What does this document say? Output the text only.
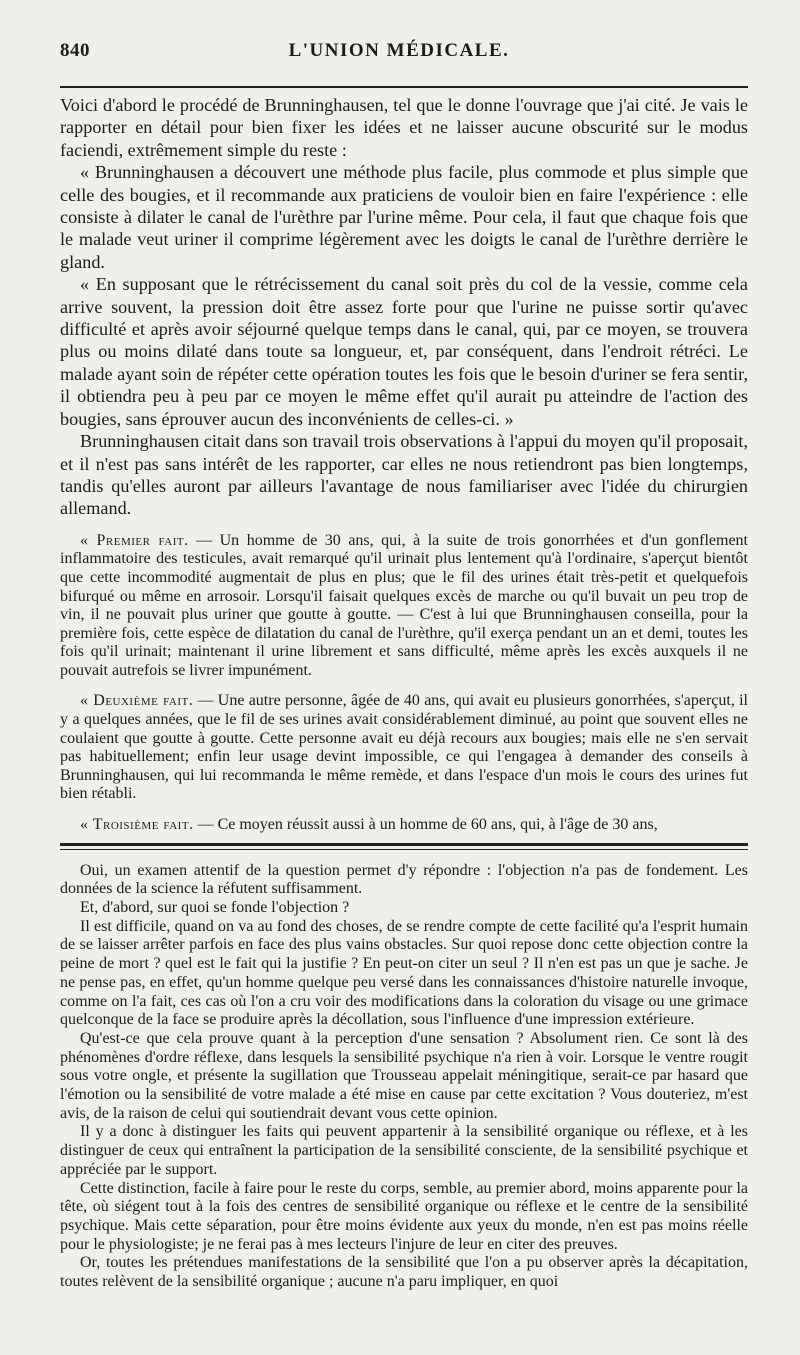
840	L'UNION MÉDICALE.

Voici d'abord le procédé de Brunninghausen, tel que le donne l'ouvrage que j'ai cité. Je vais le rapporter en détail pour bien fixer les idées et ne laisser aucune obscurité sur le modus faciendi, extrêmement simple du reste :

« Brunninghausen a découvert une méthode plus facile, plus commode et plus simple que celle des bougies, et il recommande aux praticiens de vouloir bien en faire l'expérience : elle consiste à dilater le canal de l'urèthre par l'urine même. Pour cela, il faut que chaque fois que le malade veut uriner il comprime légèrement avec les doigts le canal de l'urèthre derrière le gland.

« En supposant que le rétrécissement du canal soit près du col de la vessie, comme cela arrive souvent, la pression doit être assez forte pour que l'urine ne puisse sortir qu'avec difficulté et après avoir séjourné quelque temps dans le canal, qui, par ce moyen, se trouvera plus ou moins dilaté dans toute sa longueur, et, par conséquent, dans l'endroit rétréci. Le malade ayant soin de répéter cette opération toutes les fois que le besoin d'uriner se fera sentir, il obtiendra peu à peu par ce moyen le même effet qu'il aurait pu atteindre de l'action des bougies, sans éprouver aucun des inconvénients de celles-ci. »

Brunninghausen citait dans son travail trois observations à l'appui du moyen qu'il proposait, et il n'est pas sans intérêt de les rapporter, car elles ne nous retiendront pas bien longtemps, tandis qu'elles auront par ailleurs l'avantage de nous familiariser avec l'idée du chirurgien allemand.

« Premier fait. — Un homme de 30 ans, qui, à la suite de trois gonorrhées et d'un gonflement inflammatoire des testicules, avait remarqué qu'il urinait plus lentement qu'à l'ordinaire, s'aperçut bientôt que cette incommodité augmentait de plus en plus; que le fil des urines était très-petit et quelquefois bifurqué ou même en arrosoir. Lorsqu'il faisait quelques excès de marche ou qu'il buvait un peu trop de vin, il ne pouvait plus uriner que goutte à goutte. — C'est à lui que Brunninghausen conseilla, pour la première fois, cette espèce de dilatation du canal de l'urèthre, qu'il exerça pendant un an et demi, toutes les fois qu'il urinait; maintenant il urine librement et sans difficulté, même après les excès auxquels il ne pouvait autrefois se livrer impunément.

« Deuxième fait. — Une autre personne, âgée de 40 ans, qui avait eu plusieurs gonorrhées, s'aperçut, il y a quelques années, que le fil de ses urines avait considérablement diminué, au point que souvent elles ne coulaient que goutte à goutte. Cette personne avait eu déjà recours aux bougies; mais elle ne s'en servait pas habituellement; enfin leur usage devint impossible, ce qui l'engagea à demander des conseils à Brunninghausen, qui lui recommanda le même remède, et dans l'espace d'un mois le cours des urines fut bien rétabli.

« Troisième fait. — Ce moyen réussit aussi à un homme de 60 ans, qui, à l'âge de 30 ans,

Oui, un examen attentif de la question permet d'y répondre : l'objection n'a pas de fondement. Les données de la science la réfutent suffisamment.

Et, d'abord, sur quoi se fonde l'objection ?

Il est difficile, quand on va au fond des choses, de se rendre compte de cette facilité qu'a l'esprit humain de se laisser arrêter parfois en face des plus vains obstacles. Sur quoi repose donc cette objection contre la peine de mort ? quel est le fait qui la justifie ? En peut-on citer un seul ? Il n'en est pas un que je sache. Je ne pense pas, en effet, qu'un homme quelque peu versé dans les connaissances d'histoire naturelle invoque, comme on l'a fait, ces cas où l'on a cru voir des modifications dans la coloration du visage ou une grimace quelconque de la face se produire après la décollation, sous l'influence d'une impression extérieure.

Qu'est-ce que cela prouve quant à la perception d'une sensation ? Absolument rien. Ce sont là des phénomènes d'ordre réflexe, dans lesquels la sensibilité psychique n'a rien à voir. Lorsque le ventre rougit sous votre ongle, et présente la sugillation que Trousseau appelait méningitique, serait-ce par hasard que l'émotion ou la sensibilité de votre malade a été mise en cause par cette excitation ? Vous douteriez, m'est avis, de la raison de celui qui soutiendrait devant vous cette opinion.

Il y a donc à distinguer les faits qui peuvent appartenir à la sensibilité organique ou réflexe, et à les distinguer de ceux qui entraînent la participation de la sensibilité consciente, de la sensibilité psychique et appréciée par le support.

Cette distinction, facile à faire pour le reste du corps, semble, au premier abord, moins apparente pour la tête, où siégent tout à la fois des centres de sensibilité organique ou réflexe et le centre de la sensibilité psychique. Mais cette séparation, pour être moins évidente aux yeux du monde, n'en est pas moins réelle pour le physiologiste; je ne ferai pas à mes lecteurs l'injure de leur en citer des preuves.

Or, toutes les prétendues manifestations de la sensibilité que l'on a pu observer après la décapitation, toutes relèvent de la sensibilité organique ; aucune n'a paru impliquer, en quoi
